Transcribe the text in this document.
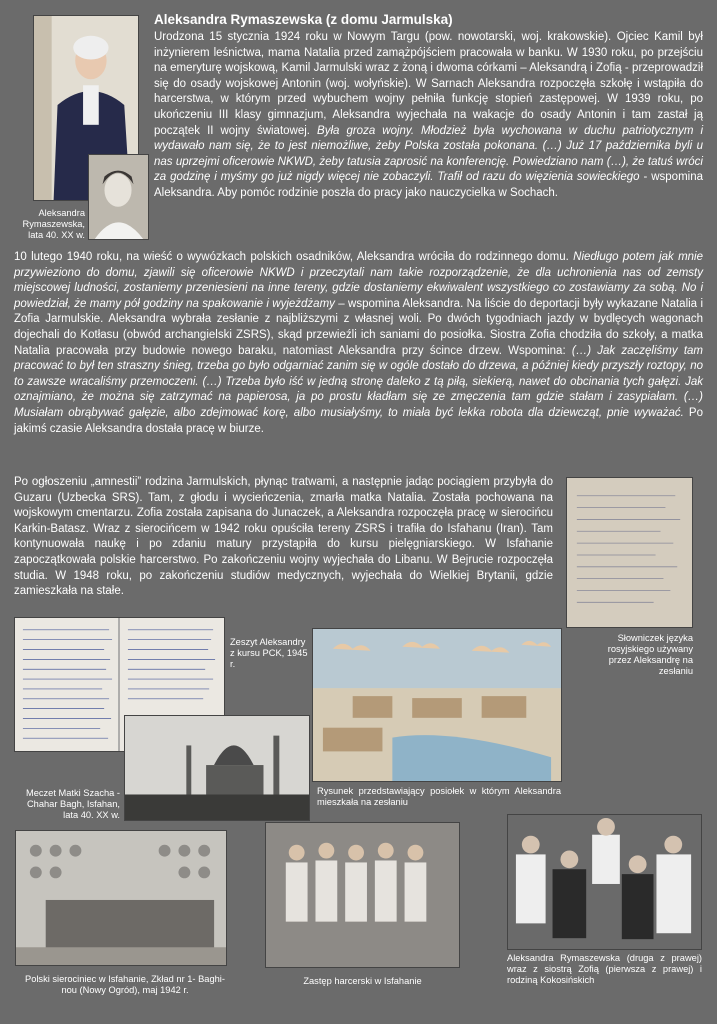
Aleksandra Rymaszewska, lata 40. XX w.
Aleksandra Rymaszewska (z domu Jarmulska)
Urodzona 15 stycznia 1924 roku w Nowym Targu (pow. nowotarski, woj. krakowskie). Ojciec Kamil był inżynierem leśnictwa, mama Natalia przed zamążpójściem pracowała w banku. W 1930 roku, po przejściu na emeryturę wojskową, Kamil Jarmulski wraz z żoną i dwoma córkami – Aleksandrą i Zofią - przeprowadził się do osady wojskowej Antonin (woj. wołyńskie). W Sarnach Aleksandra rozpoczęła szkołę i wstąpiła do harcerstwa, w którym przed wybuchem wojny pełniła funkcję stopień zastępowej. W 1939 roku, po ukończeniu III klasy gimnazjum, Aleksandra wyjechała na wakacje do osady Antonin i tam zastał ją początek II wojny światowej. Była groza wojny. Młodzież była wychowana w duchu patriotycznym i wydawało nam się, że to jest niemożliwe, żeby Polska została pokonana. (…) Już 17 października byli u nas uprzejmi oficerowie NKWD, żeby tatusia zaprosić na konferencję. Powiedziano nam (…), że tatuś wróci za godzinę i myśmy go już nigdy więcej nie zobaczyli. Trafił od razu do więzienia sowieckiego - wspomina Aleksandra. Aby pomóc rodzinie poszła do pracy jako nauczycielka w Sochach.
10 lutego 1940 roku, na wieść o wywózkach polskich osadników, Aleksandra wróciła do rodzinnego domu. Niedługo potem jak mnie przywieziono do domu, zjawili się oficerowie NKWD i przeczytali nam takie rozporządzenie, że dla uchronienia nas od zemsty miejscowej ludności, zostaniemy przeniesieni na inne tereny, gdzie dostaniemy ekwiwalent wszystkiego co zostawiamy za sobą. No i powiedział, że mamy pół godziny na spakowanie i wyjeżdżamy – wspomina Aleksandra. Na liście do deportacji były wykazane Natalia i Zofia Jarmulskie. Aleksandra wybrała zesłanie z najbliższymi z własnej woli. Po dwóch tygodniach jazdy w bydlęcych wagonach dojechali do Kotłasu (obwód archangielski ZSRS), skąd przewieźli ich saniami do posiołka. Siostra Zofia chodziła do szkoły, a matka Natalia pracowała przy budowie nowego baraku, natomiast Aleksandra przy ścince drzew. Wspomina: (…) Jak zaczęliśmy tam pracować to był ten straszny śnieg, trzeba go było odgarniać zanim się w ogóle dostało do drzewa, a później kiedy przyszły roztopy, no to zawsze wracaliśmy przemoczeni. (…) Trzeba było iść w jedną stronę daleko z tą piłą, siekierą, nawet do obcinania tych gałęzi. Jak oznajmiano, że można się zatrzymać na papierosa, ja po prostu kładłam się ze zmęczenia tam gdzie stałam i zasypiałam. (…) Musiałam obrąbywać gałęzie, albo zdejmować korę, albo musiałyśmy, to miała być lekka robota dla dziewcząt, pnie wyważać. Po jakimś czasie Aleksandra dostała pracę w biurze.
Po ogłoszeniu „amnestii” rodzina Jarmulskich, płynąc tratwami, a następnie jadąc pociągiem przybyła do Guzaru (Uzbecka SRS). Tam, z głodu i wycieńczenia, zmarła matka Natalia. Została pochowana na wojskowym cmentarzu. Zofia została zapisana do Junaczek, a Aleksandra rozpoczęła pracę w sierocińcu Karkin-Batasz. Wraz z sierocińcem w 1942 roku opuściła tereny ZSRS i trafiła do Isfahanu (Iran). Tam kontynuowała naukę i po zdaniu matury przystąpiła do kursu pielęgniarskiego. W Isfahanie zapoczątkowała polskie harcerstwo. Po zakończeniu wojny wyjechała do Libanu. W Bejrucie rozpoczęła studia. W 1948 roku, po zakończeniu studiów medycznych, wyjechała do Wielkiej Brytanii, gdzie zamieszkała na stałe.
Słowniczek języka rosyjskiego używany przez Aleksandrę na zesłaniu
Zeszyt Aleksandry z kursu PCK, 1945 r.
Rysunek przedstawiający posiołek w którym Aleksandra mieszkała na zesłaniu
Meczet Matki Szacha - Chahar Bagh, Isfahan, lata 40. XX w.
Polski sierociniec w Isfahanie, Zkład nr 1- Baghi-nou (Nowy Ogród), maj 1942 r.
Zastęp harcerski w Isfahanie
Aleksandra Rymaszewska (druga z prawej) wraz z siostrą Zofią (pierwsza z prawej) i rodziną Kokosińskich
